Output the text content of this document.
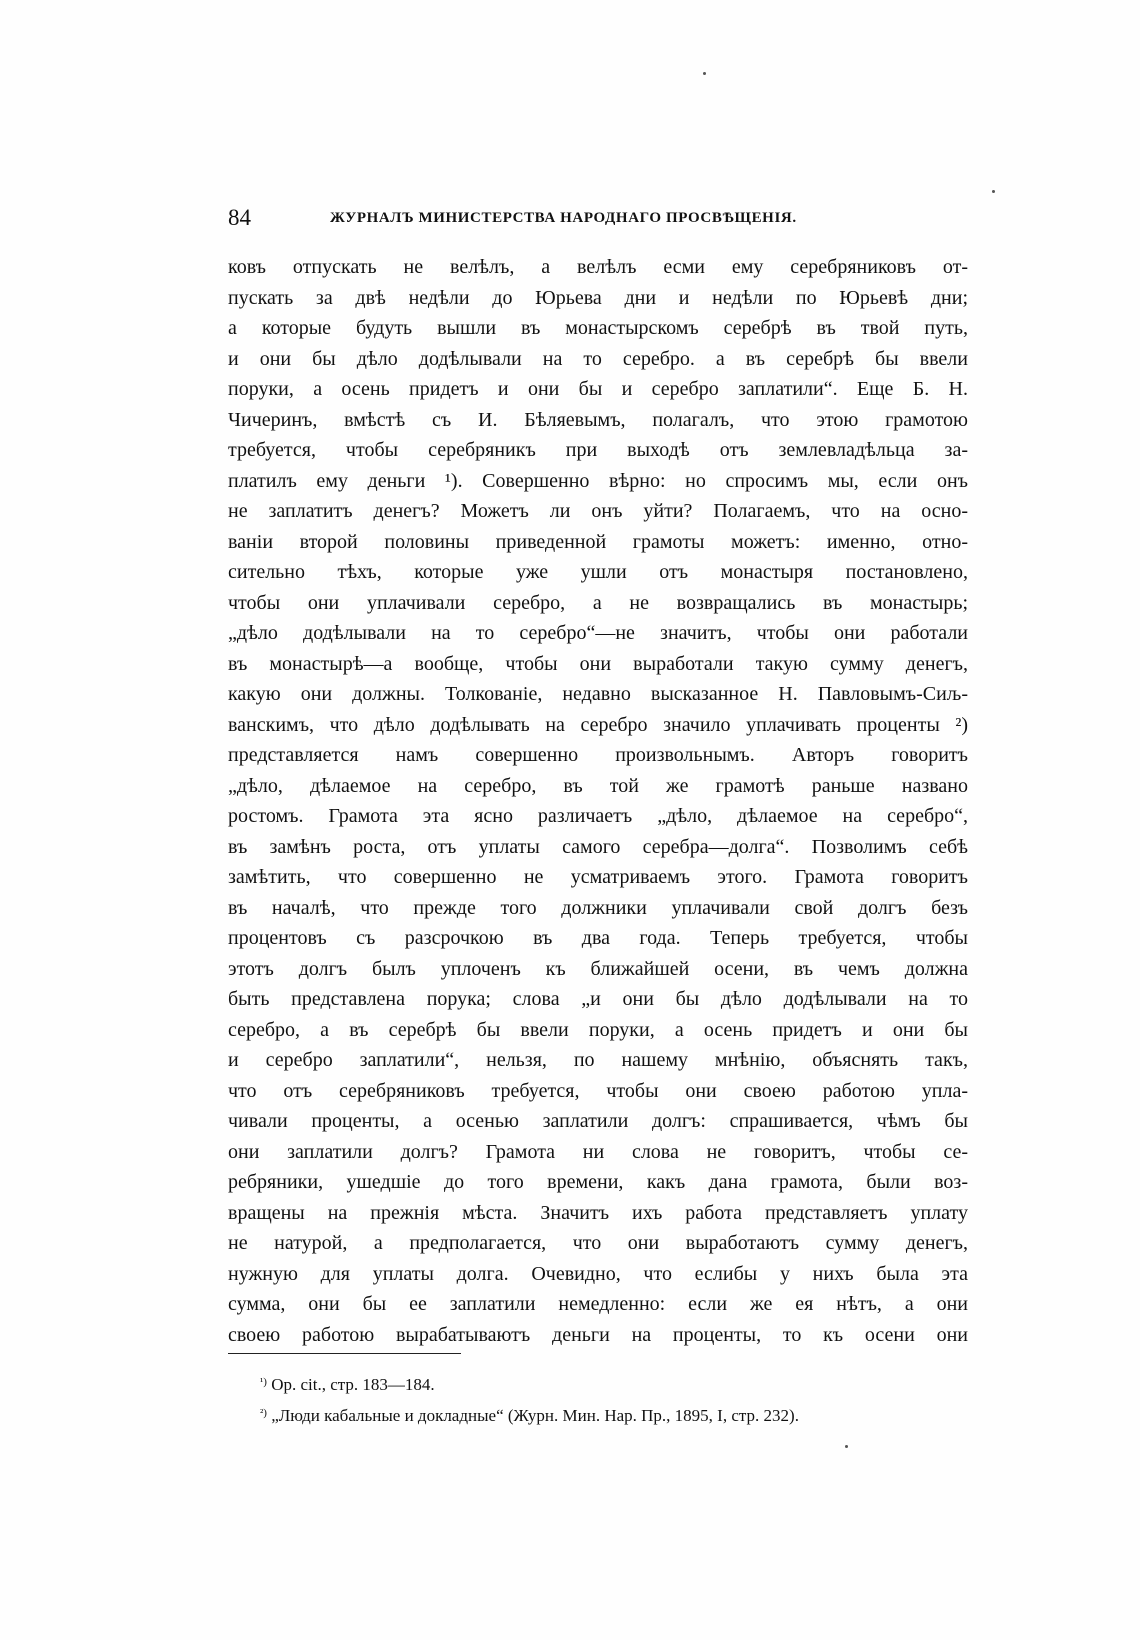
84	ЖУРНАЛЪ МИНИСТЕРСТВА НАРОДНАГО ПРОСВѢЩЕНІЯ.
ковъ отпускать не велѣлъ, а велѣлъ есми ему серебряниковъ от-
пускать за двѣ недѣли до Юрьева дни и недѣли по Юрьевѣ дни;
а которые будуть вышли въ монастырскомъ серебрѣ въ твой путь,
и они бы дѣло додѣлывали на то серебро. а въ серебрѣ бы ввели
поруки, а осень придетъ и они бы и серебро заплатили“. Еще Б. Н.
Чичеринъ, вмѣстѣ съ И. Бѣляевымъ, полагалъ, что этою грамотою
требуется, чтобы серебряникъ при выходѣ отъ землевладѣльца за-
платилъ ему деньги ¹). Совершенно вѣрно: но спросимъ мы, если онъ
не заплатитъ денегъ? Можетъ ли онъ уйти? Полагаемъ, что на осно-
ваніи второй половины приведенной грамоты можетъ: именно, отно-
сительно тѣхъ, которые уже ушли отъ монастыря постановлено,
чтобы они уплачивали серебро, а не возвращались въ монастырь;
„дѣло додѣлывали на то серебро“—не значитъ, чтобы они работали
въ монастырѣ—а вообще, чтобы они выработали такую сумму денегъ,
какую они должны. Толкованіе, недавно высказанное Н. Павловымъ-Сиљ-
ванскимъ, что дѣло додѣлывать на серебро значило уплачивать проценты ²)
представляется намъ совершенно произвольнымъ. Авторъ говоритъ
„дѣло, дѣлаемое на серебро, въ той же грамотѣ раньше названо
ростомъ. Грамота эта ясно различаетъ „дѣло, дѣлаемое на серебро“,
въ замѣнъ роста, отъ уплаты самого серебра—долга“. Позволимъ себѣ
замѣтить, что совершенно не усматриваемъ этого. Грамота говоритъ
въ началѣ, что прежде того должники уплачивали свой долгъ безъ
процентовъ съ разсрочкою въ два года. Теперь требуется, чтобы
этотъ долгъ былъ уплоченъ къ ближайшей осени, въ чемъ должна
быть представлена порука; слова „и они бы дѣло додѣлывали на то
серебро, а въ серебрѣ бы ввели поруки, а осень придетъ и они бы
и серебро заплатили“, нельзя, по нашему мнѣнію, объяснять такъ,
что отъ серебряниковъ требуется, чтобы они своею работою упла-
чивали проценты, а осенью заплатили долгъ: спрашивается, чѣмъ бы
они заплатили долгъ? Грамота ни слова не говоритъ, чтобы се-
ребряники, ушедшіе до того времени, какъ дана грамота, были воз-
вращены на прежнія мѣста. Значитъ ихъ работа представляетъ уплату
не натурой, а предполагается, что они выработаютъ сумму денегъ,
нужную для уплаты долга. Очевидно, что еслибы у нихъ была эта
сумма, они бы ее заплатили немедленно: если же ея нѣтъ, а они
своею работою вырабатываютъ деньги на проценты, то къ осени они
$^{^1)}$ Op. cit., стр. 183—184.
$^{^2)}$ „Люди кабальные и докладные“ (Журн. Мин. Нар. Пр., 1895, I, стр. 232).
